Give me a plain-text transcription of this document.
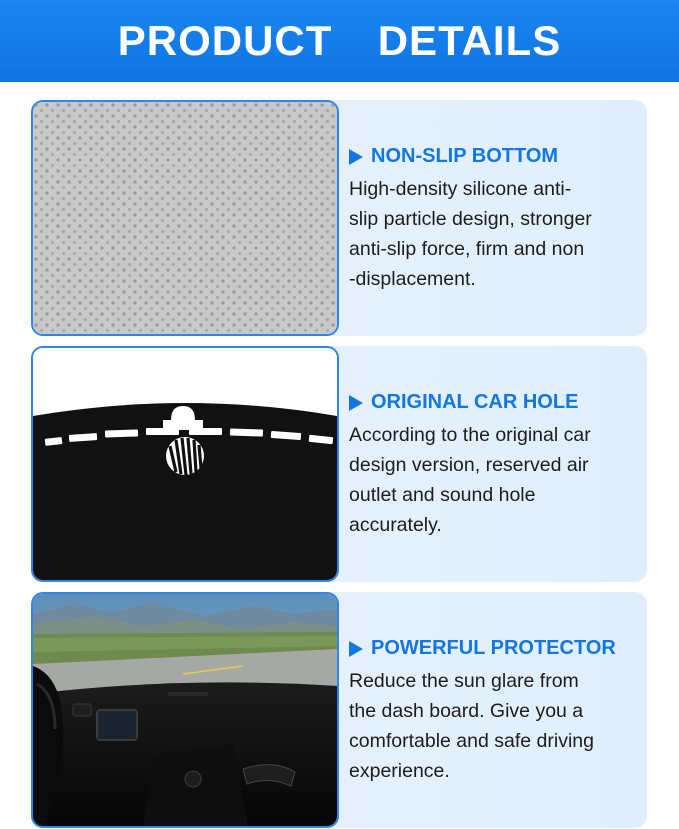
PRODUCT  DETAILS
NON-SLIP BOTTOM
High-density silicone anti-
slip particle design, stronger
anti-slip force, firm and non
-displacement.
ORIGINAL CAR HOLE
According to the original car
design version, reserved air
outlet and sound hole
accurately.
POWERFUL PROTECTOR
Reduce the sun glare from
the dash board. Give you a
comfortable and safe driving
experience.
